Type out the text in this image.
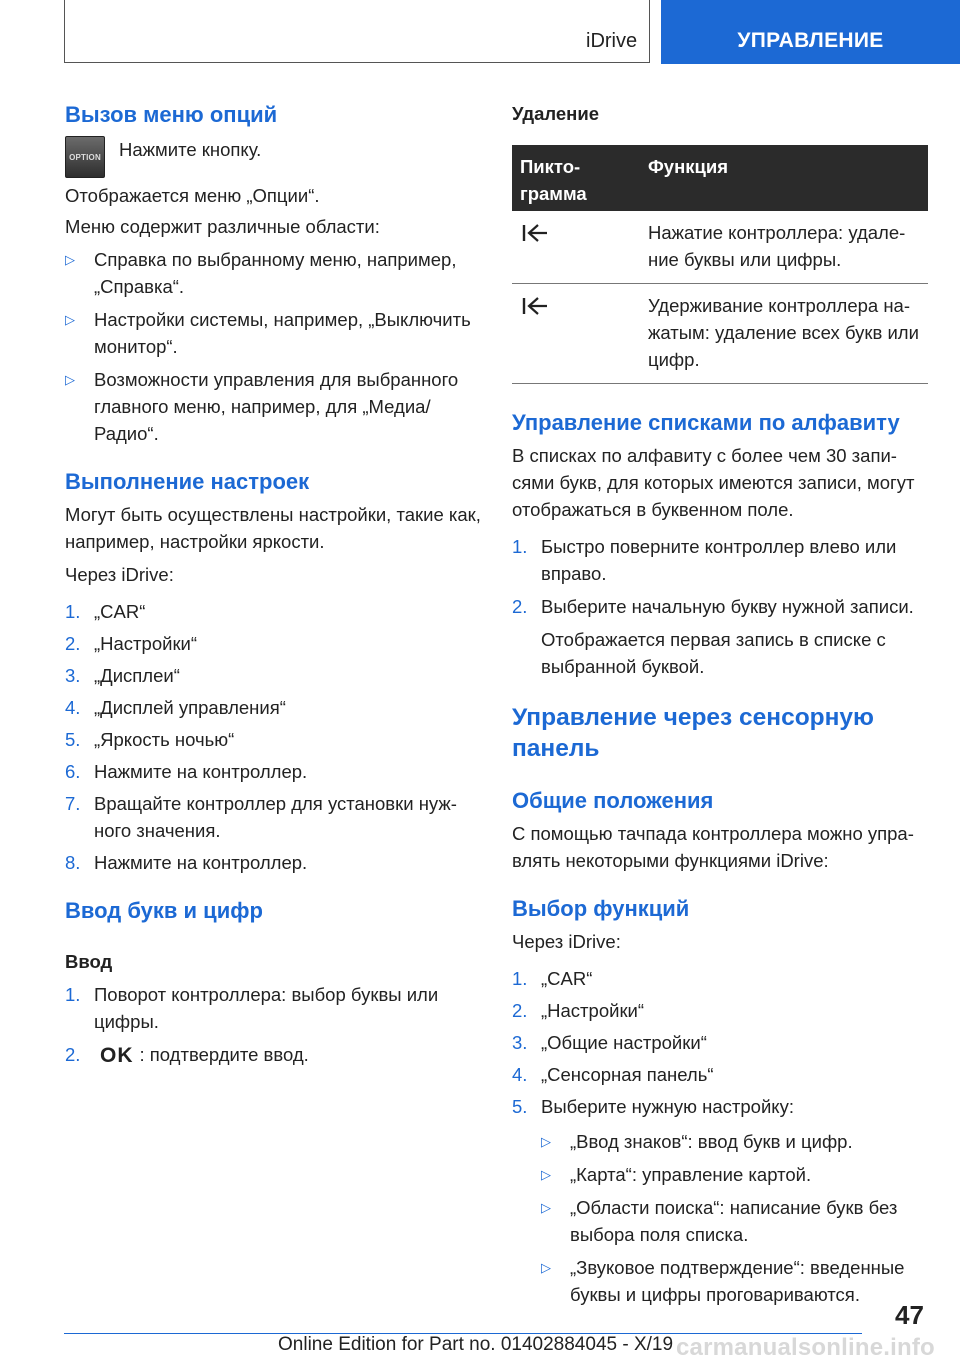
iDrive	УПРАВЛЕНИЕ
Вызов меню опций
OPTION Нажмите кнопку.

Отображается меню „Опции“.

Меню содержит различные области:

▷ Справка по выбранному меню, например, „Справка“.
▷ Настройки системы, например, „Выключить монитор“.
▷ Возможности управления для выбранного главного меню, например, для „Медиа/ Радио“.
Выполнение настроек

Могут быть осуществлены настройки, такие как, например, настройки яркости.

Через iDrive:

1. „CAR“
2. „Настройки“
3. „Дисплеи“
4. „Дисплей управления“
5. „Яркость ночью“
6. Нажмите на контроллер.
7. Вращайте контроллер для установки нужного значения.
8. Нажмите на контроллер.
Ввод букв и цифр
Ввод
1. Поворот контроллера: выбор буквы или цифры.
2. OK : подтвердите ввод.
Удаление
Пикто-
грамма	Функция
	Нажатие контроллера: удаление буквы или цифры.
	Удерживание контроллера нажатым: удаление всех букв или цифр.
Управление списками по алфавиту

В списках по алфавиту с более чем 30 записями букв, для которых имеются записи, могут отображаться в буквенном поле.

1. Быстро поверните контроллер влево или вправо.
2. Выберите начальную букву нужной записи.

Отображается первая запись в списке с выбранной буквой.

Управление через сенсорную панель
Общие положения

С помощью тачпада контроллера можно управлять некоторыми функциями iDrive:

Выбор функций

Через iDrive:

1. „CAR“
2. „Настройки“
3. „Общие настройки“
4. „Сенсорная панель“
5. Выберите нужную настройку:
▷ „Ввод знаков“: ввод букв и цифр.
▷ „Карта“: управление картой.
▷ „Области поиска“: написание букв без выбора поля списка.
▷ „Звуковое подтверждение“: введенные буквы и цифры проговариваются.
47
Online Edition for Part no. 01402884045 - X/19 carmanualsonline.info
